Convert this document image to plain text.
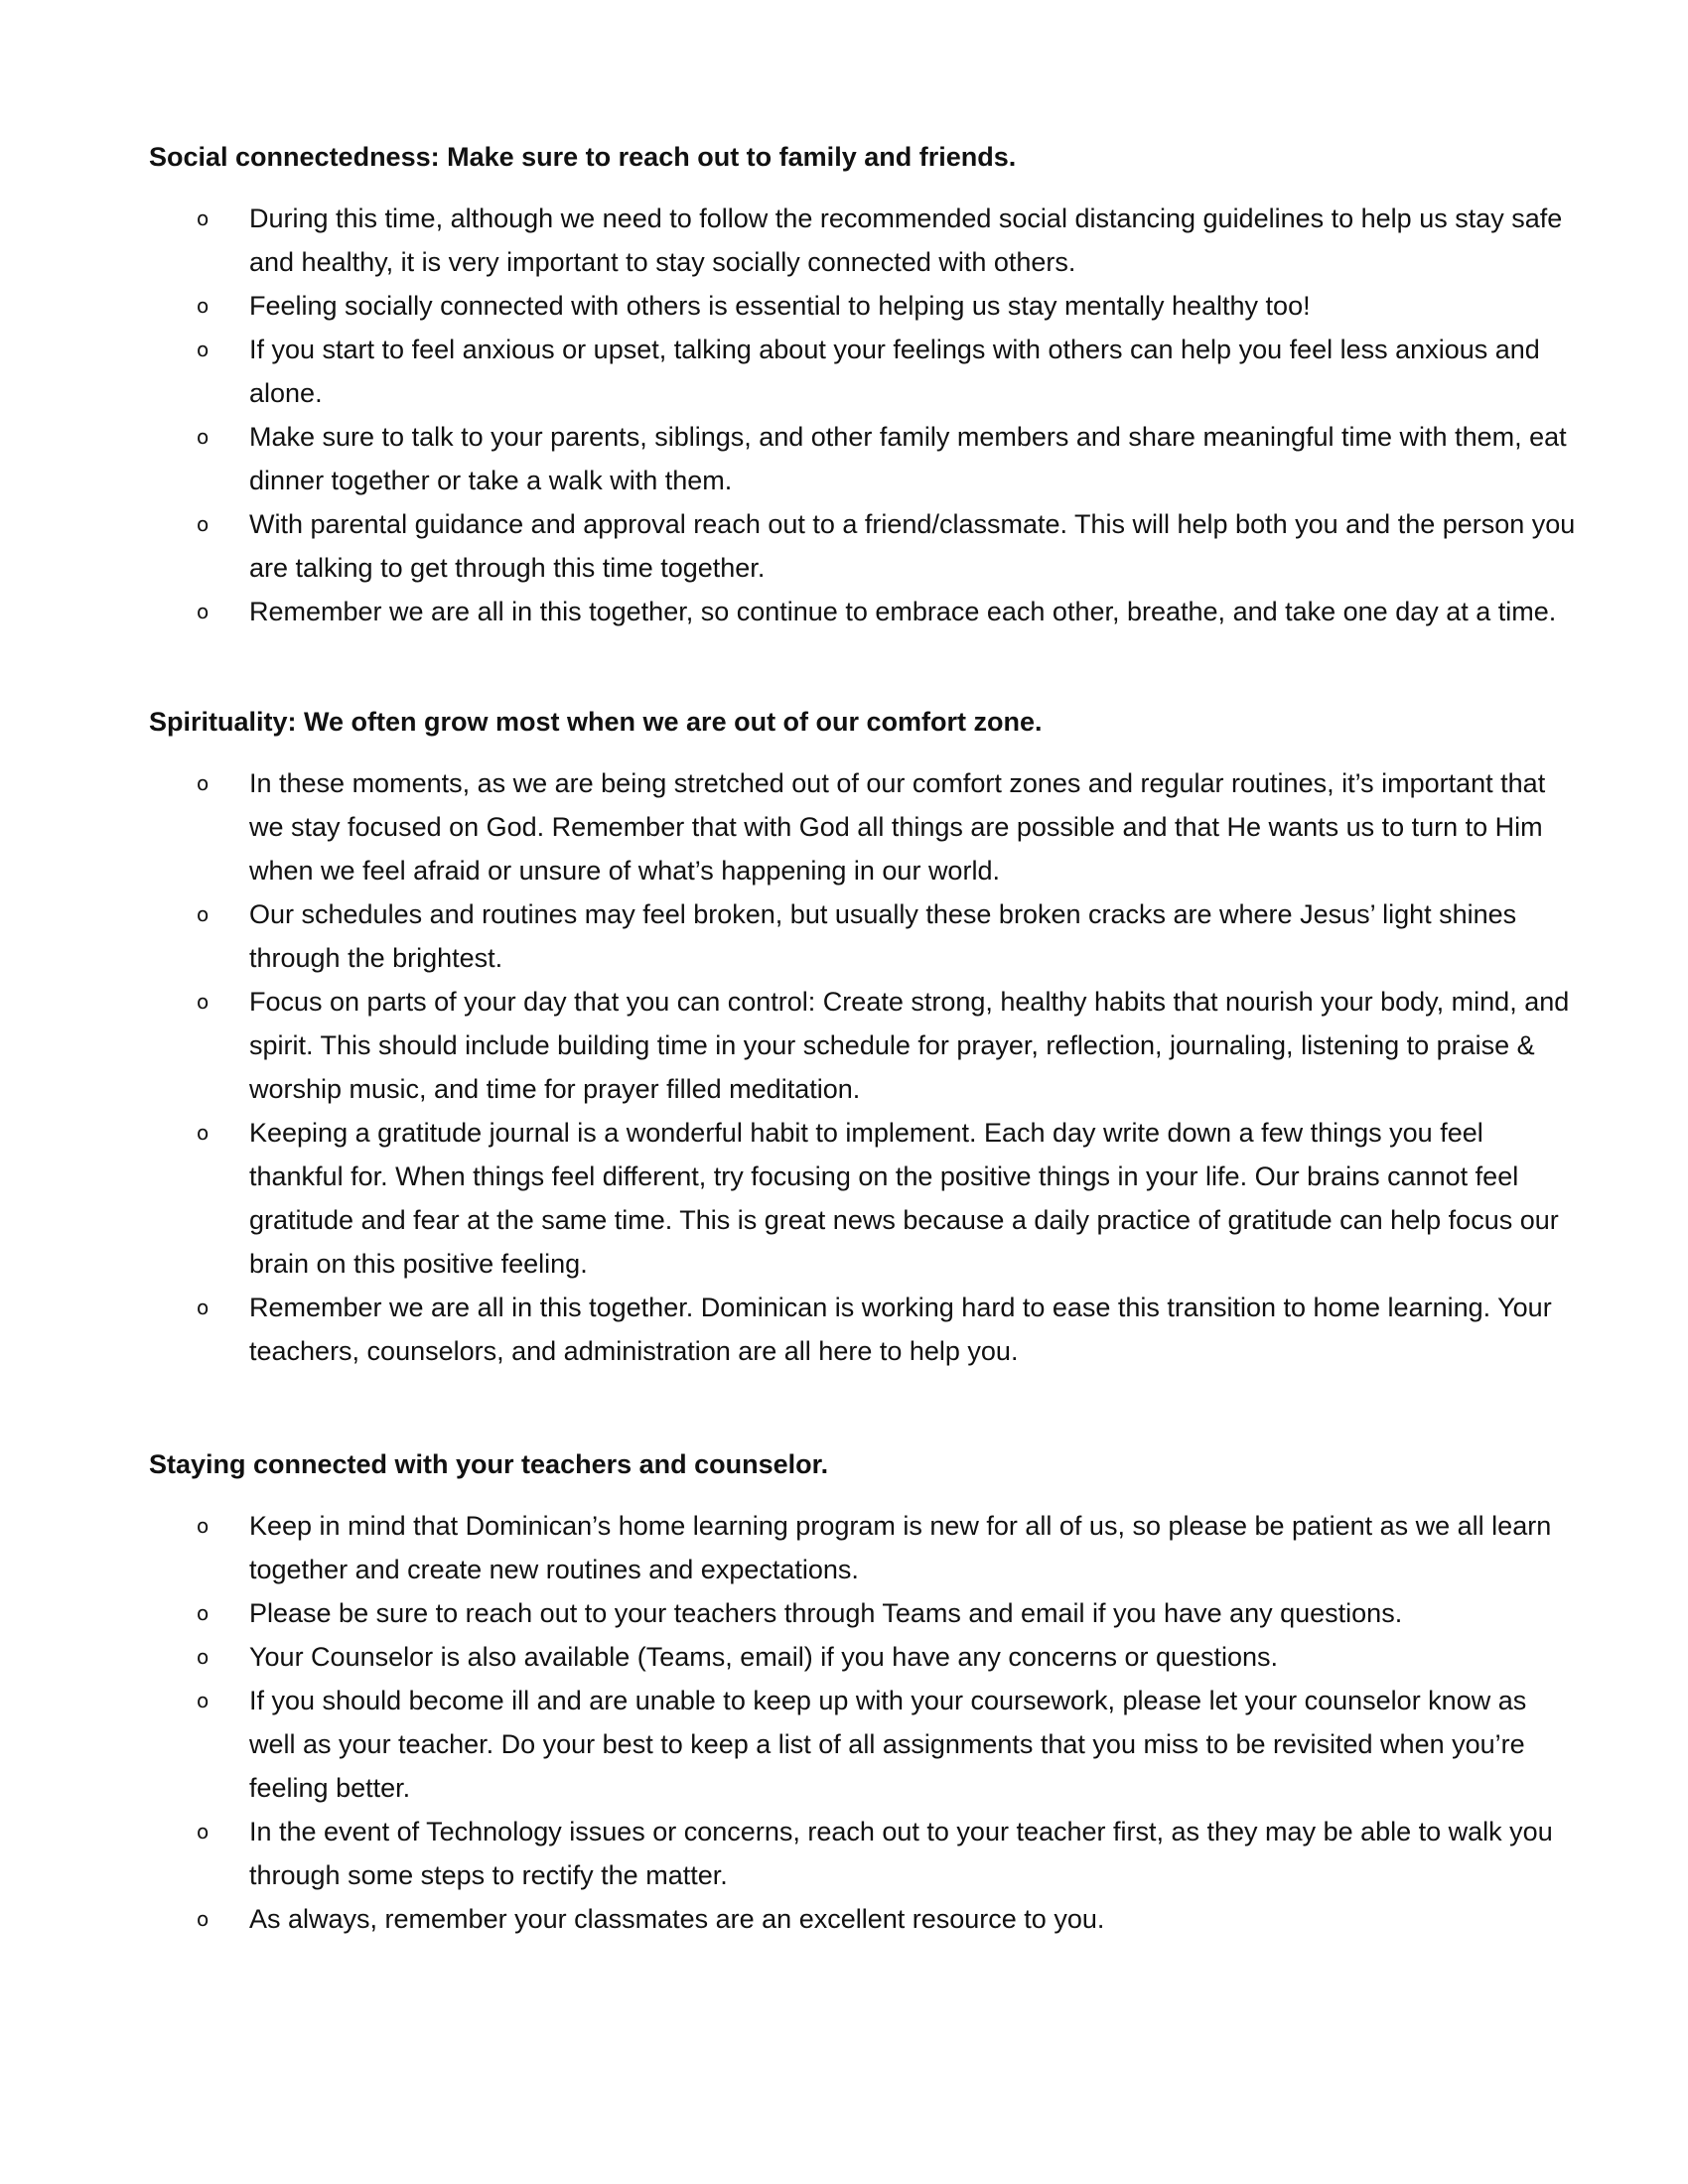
Social connectedness: Make sure to reach out to family and friends.

o During this time, although we need to follow the recommended social distancing guidelines to help us stay safe and healthy, it is very important to stay socially connected with others.
o Feeling socially connected with others is essential to helping us stay mentally healthy too!
o If you start to feel anxious or upset, talking about your feelings with others can help you feel less anxious and alone.
o Make sure to talk to your parents, siblings, and other family members and share meaningful time with them, eat dinner together or take a walk with them.
o With parental guidance and approval reach out to a friend/classmate. This will help both you and the person you are talking to get through this time together.
o Remember we are all in this together, so continue to embrace each other, breathe, and take one day at a time.

Spirituality: We often grow most when we are out of our comfort zone.

o In these moments, as we are being stretched out of our comfort zones and regular routines, it’s important that we stay focused on God. Remember that with God all things are possible and that He wants us to turn to Him when we feel afraid or unsure of what’s happening in our world.
o Our schedules and routines may feel broken, but usually these broken cracks are where Jesus’ light shines through the brightest.
o Focus on parts of your day that you can control: Create strong, healthy habits that nourish your body, mind, and spirit. This should include building time in your schedule for prayer, reflection, journaling, listening to praise & worship music, and time for prayer filled meditation.
o Keeping a gratitude journal is a wonderful habit to implement. Each day write down a few things you feel thankful for. When things feel different, try focusing on the positive things in your life. Our brains cannot feel gratitude and fear at the same time. This is great news because a daily practice of gratitude can help focus our brain on this positive feeling.
o Remember we are all in this together. Dominican is working hard to ease this transition to home learning. Your teachers, counselors, and administration are all here to help you.

Staying connected with your teachers and counselor.

o Keep in mind that Dominican’s home learning program is new for all of us, so please be patient as we all learn together and create new routines and expectations.
o Please be sure to reach out to your teachers through Teams and email if you have any questions.
o Your Counselor is also available (Teams, email) if you have any concerns or questions.
o If you should become ill and are unable to keep up with your coursework, please let your counselor know as well as your teacher. Do your best to keep a list of all assignments that you miss to be revisited when you’re feeling better.
o In the event of Technology issues or concerns, reach out to your teacher first, as they may be able to walk you through some steps to rectify the matter.
o As always, remember your classmates are an excellent resource to you.
